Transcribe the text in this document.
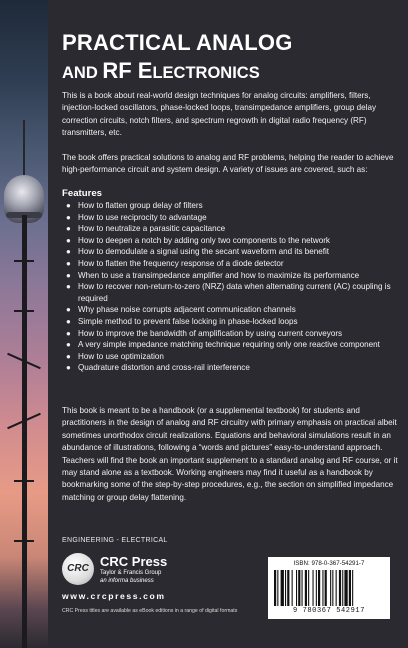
PRACTICAL ANALOG
AND RF ELECTRONICS
This is a book about real-world design techniques for analog circuits: amplifiers, filters, injection-locked oscillators, phase-locked loops, transimpedance amplifiers, group delay correction circuits, notch filters, and spectrum regrowth in digital radio frequency (RF) transmitters, etc.
The book offers practical solutions to analog and RF problems, helping the reader to achieve high-performance circuit and system design. A variety of issues are covered, such as:
Features
● How to flatten group delay of filters
● How to use reciprocity to advantage
● How to neutralize a parasitic capacitance
● How to deepen a notch by adding only two components to the network
● How to demodulate a signal using the secant waveform and its benefit
● How to flatten the frequency response of a diode detector
● When to use a transimpedance amplifier and how to maximize its performance
● How to recover non-return-to-zero (NRZ) data when alternating current (AC) coupling is required
● Why phase noise corrupts adjacent communication channels
● Simple method to prevent false locking in phase-locked loops
● How to improve the bandwidth of amplification by using current conveyors
● A very simple impedance matching technique requiring only one reactive component
● How to use optimization
● Quadrature distortion and cross-rail interference
This book is meant to be a handbook (or a supplemental textbook) for students and practitioners in the design of analog and RF circuitry with primary emphasis on practical albeit sometimes unorthodox circuit realizations. Equations and behavioral simulations result in an abundance of illustrations, following a “words and pictures” easy-to-understand approach. Teachers will find the book an important supplement to a standard analog and RF course, or it may stand alone as a textbook. Working engineers may find it useful as a handbook by bookmarking some of the step-by-step procedures, e.g., the section on simplified impedance matching or group delay flattening.
ENGINEERING - ELECTRICAL
CRC CRC Press
Taylor & Francis Group
an informa business
www.crcpress.com
CRC Press titles are available as eBook editions in a range of digital formats
ISBN: 978-0-367-54291-7
9 780367 542917
